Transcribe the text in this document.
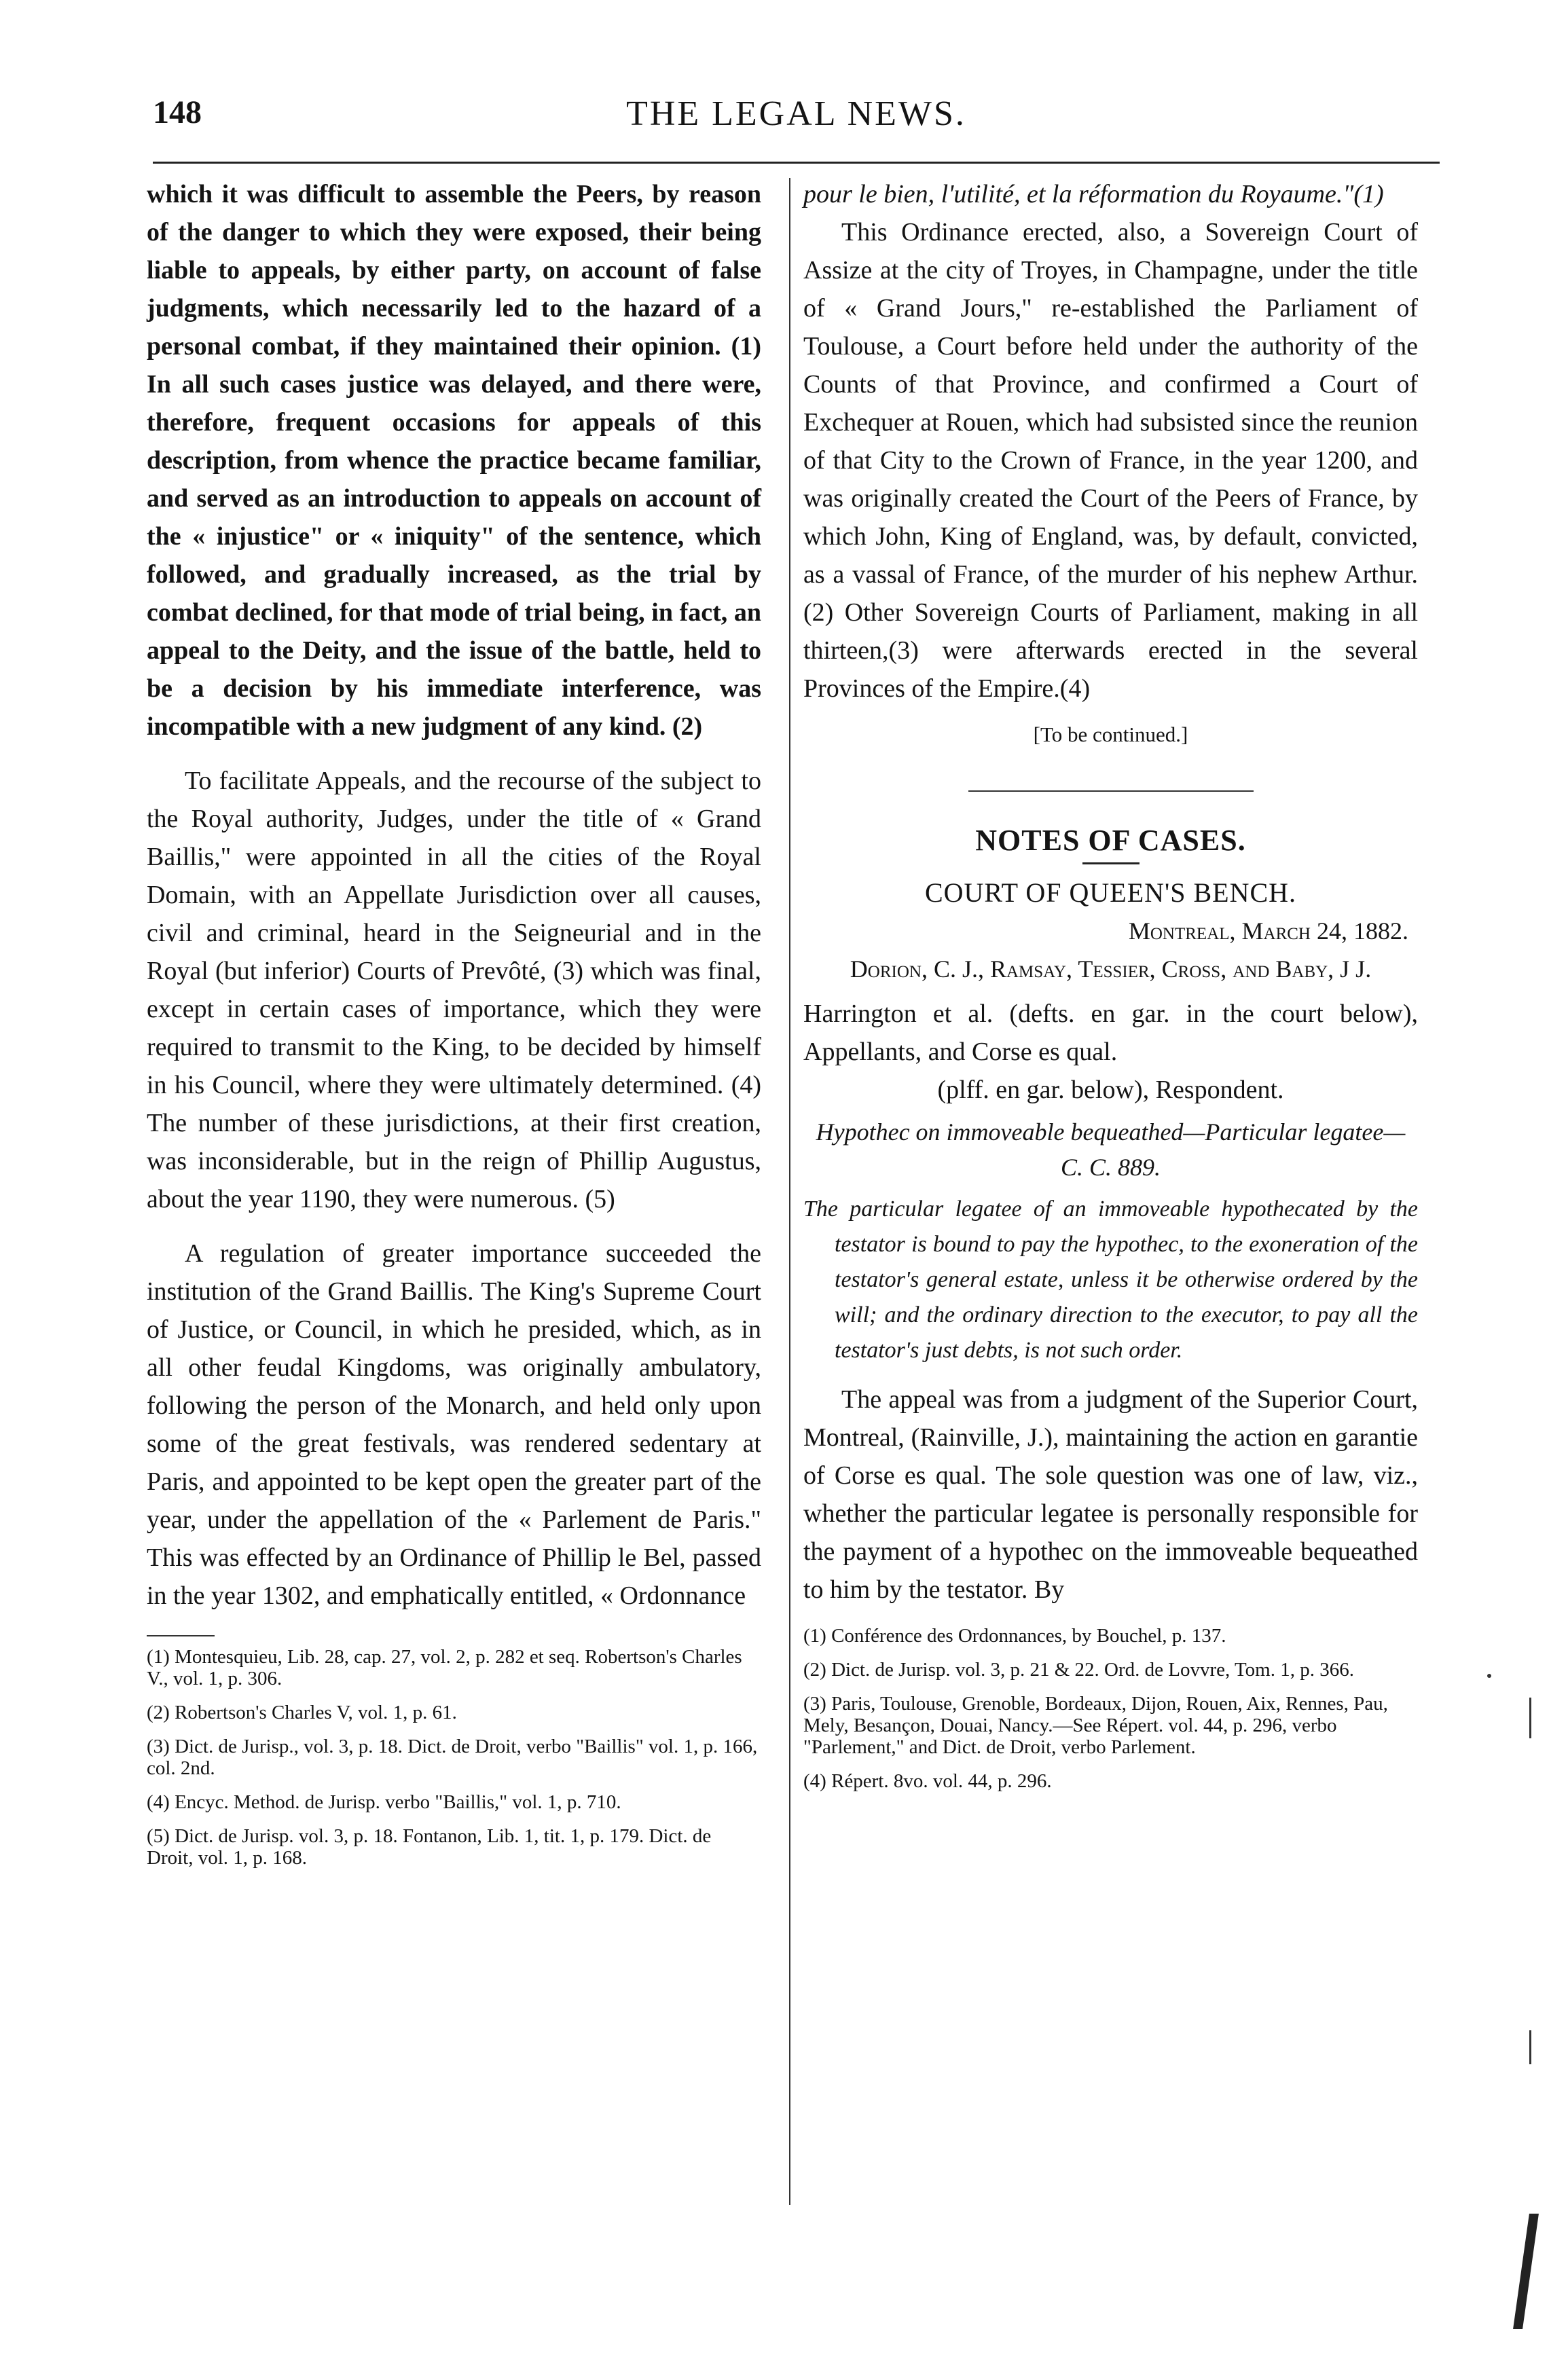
148	THE LEGAL NEWS.

which it was difficult to assemble the Peers, by reason of the danger to which they were exposed, their being liable to appeals, by either party, on account of false judgments, which necessarily led to the hazard of a personal combat, if they maintained their opinion. (1) In all such cases justice was delayed, and there were, therefore, frequent occasions for appeals of this description, from whence the practice became familiar, and served as an introduction to appeals on account of the « injustice" or « iniquity" of the sentence, which followed, and gradually increased, as the trial by combat declined, for that mode of trial being, in fact, an appeal to the Deity, and the issue of the battle, held to be a decision by his immediate interference, was incompatible with a new judgment of any kind. (2)

To facilitate Appeals, and the recourse of the subject to the Royal authority, Judges, under the title of « Grand Baillis," were appointed in all the cities of the Royal Domain, with an Appellate Jurisdiction over all causes, civil and criminal, heard in the Seigneurial and in the Royal (but inferior) Courts of Prevôté, (3) which was final, except in certain cases of importance, which they were required to transmit to the King, to be decided by himself in his Council, where they were ultimately determined. (4) The number of these jurisdictions, at their first creation, was inconsiderable, but in the reign of Phillip Augustus, about the year 1190, they were numerous. (5)

A regulation of greater importance succeeded the institution of the Grand Baillis. The King's Supreme Court of Justice, or Council, in which he presided, which, as in all other feudal Kingdoms, was originally ambulatory, following the person of the Monarch, and held only upon some of the great festivals, was rendered sedentary at Paris, and appointed to be kept open the greater part of the year, under the appellation of the « Parlement de Paris." This was effected by an Ordinance of Phillip le Bel, passed in the year 1302, and emphatically entitled, « Ordonnance

(1) Montesquieu, Lib. 28, cap. 27, vol. 2, p. 282 et seq. Robertson's Charles V., vol. 1, p. 306.

(2) Robertson's Charles V, vol. 1, p. 61.

(3) Dict. de Jurisp., vol. 3, p. 18. Dict. de Droit, verbo "Baillis" vol. 1, p. 166, col. 2nd.

(4) Encyc. Method. de Jurisp. verbo "Baillis," vol. 1, p. 710.

(5) Dict. de Jurisp. vol. 3, p. 18. Fontanon, Lib. 1, tit. 1, p. 179. Dict. de Droit, vol. 1, p. 168.

pour le bien, l'utilité, et la réformation du Royaume."(1)

This Ordinance erected, also, a Sovereign Court of Assize at the city of Troyes, in Champagne, under the title of « Grand Jours," re-established the Parliament of Toulouse, a Court before held under the authority of the Counts of that Province, and confirmed a Court of Exchequer at Rouen, which had subsisted since the reunion of that City to the Crown of France, in the year 1200, and was originally created the Court of the Peers of France, by which John, King of England, was, by default, convicted, as a vassal of France, of the murder of his nephew Arthur.(2) Other Sovereign Courts of Parliament, making in all thirteen,(3) were afterwards erected in the several Provinces of the Empire.(4)

[To be continued.]
NOTES OF CASES.
COURT OF QUEEN'S BENCH.
Montreal, March 24, 1882.
Dorion, C. J., Ramsay, Tessier, Cross, and Baby, J J.
Harrington et al. (defts. en gar. in the court below), Appellants, and Corse es qual.
(plff. en gar. below), Respondent.
Hypothec on immoveable bequeathed—Particular legatee—C. C. 889.
The particular legatee of an immoveable hypothecated by the testator is bound to pay the hypothec, to the exoneration of the testator's general estate, unless it be otherwise ordered by the will; and the ordinary direction to the executor, to pay all the testator's just debts, is not such order.

The appeal was from a judgment of the Superior Court, Montreal, (Rainville, J.), maintaining the action en garantie of Corse es qual. The sole question was one of law, viz., whether the particular legatee is personally responsible for the payment of a hypothec on the immoveable bequeathed to him by the testator. By

(1) Conférence des Ordonnances, by Bouchel, p. 137.

(2) Dict. de Jurisp. vol. 3, p. 21 & 22. Ord. de Lovvre, Tom. 1, p. 366.

(3) Paris, Toulouse, Grenoble, Bordeaux, Dijon, Rouen, Aix, Rennes, Pau, Mely, Besançon, Douai, Nancy.—See Répert. vol. 44, p. 296, verbo "Parlement," and Dict. de Droit, verbo Parlement.

(4) Répert. 8vo. vol. 44, p. 296.
